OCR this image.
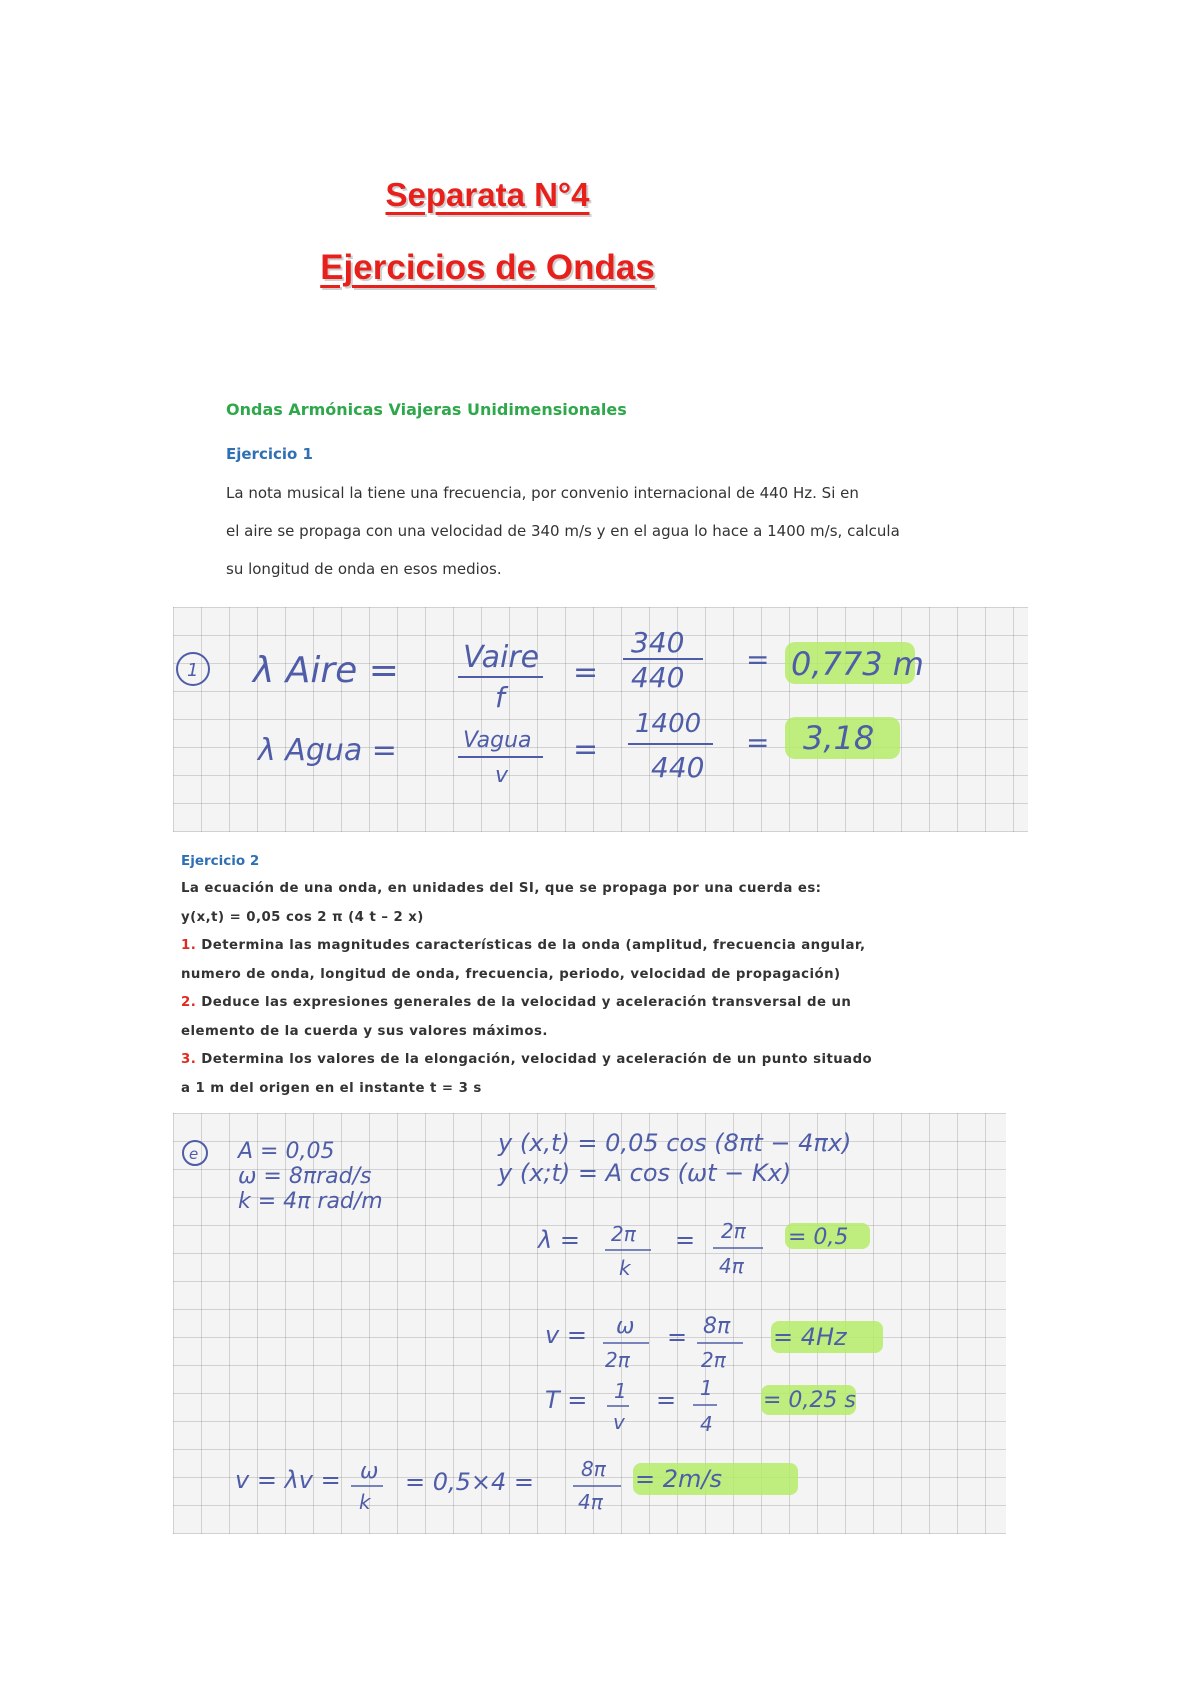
Separata N°4
Ejercicios de Ondas
Ondas Armónicas Viajeras Unidimensionales
Ejercicio 1
La nota musical la tiene una frecuencia, por convenio internacional de 440 Hz. Si en
el aire se propaga con una velocidad de 340 m/s y en el agua lo hace a 1400 m/s, calcula
su longitud de onda en esos medios.
1 λ Aire = Vaire
f
=
340
440
= 0,773 m
λ Agua =	Vagua
v
=
1400
440
= 3,18
Ejercicio 2
La ecuación de una onda, en unidades del SI, que se propaga por una cuerda es:
y(x,t) = 0,05 cos 2 π (4 t – 2 x)
1. Determina las magnitudes características de la onda (amplitud, frecuencia angular,
numero de onda, longitud de onda, frecuencia, periodo, velocidad de propagación)
2. Deduce las expresiones generales de la velocidad y aceleración transversal de un
elemento de la cuerda y sus valores máximos.
3. Determina los valores de la elongación, velocidad y aceleración de un punto situado
a 1 m del origen en el instante t = 3 s
e A = 0,05
ω = 8πrad/s
k = 4π rad/m
y (x,t) = 0,05 cos (8πt − 4πx)
y (x;t) = A cos (ωt − Kx)
λ = 2π
k
= 2π
4π
= 0,5
v = ω
2π
= 8π
2π
= 4Hz
T = 1
v
= 1
4
= 0,25 s
v = λv = ω
k
= 0,5×4 = 8π
4π
= 2m/s
